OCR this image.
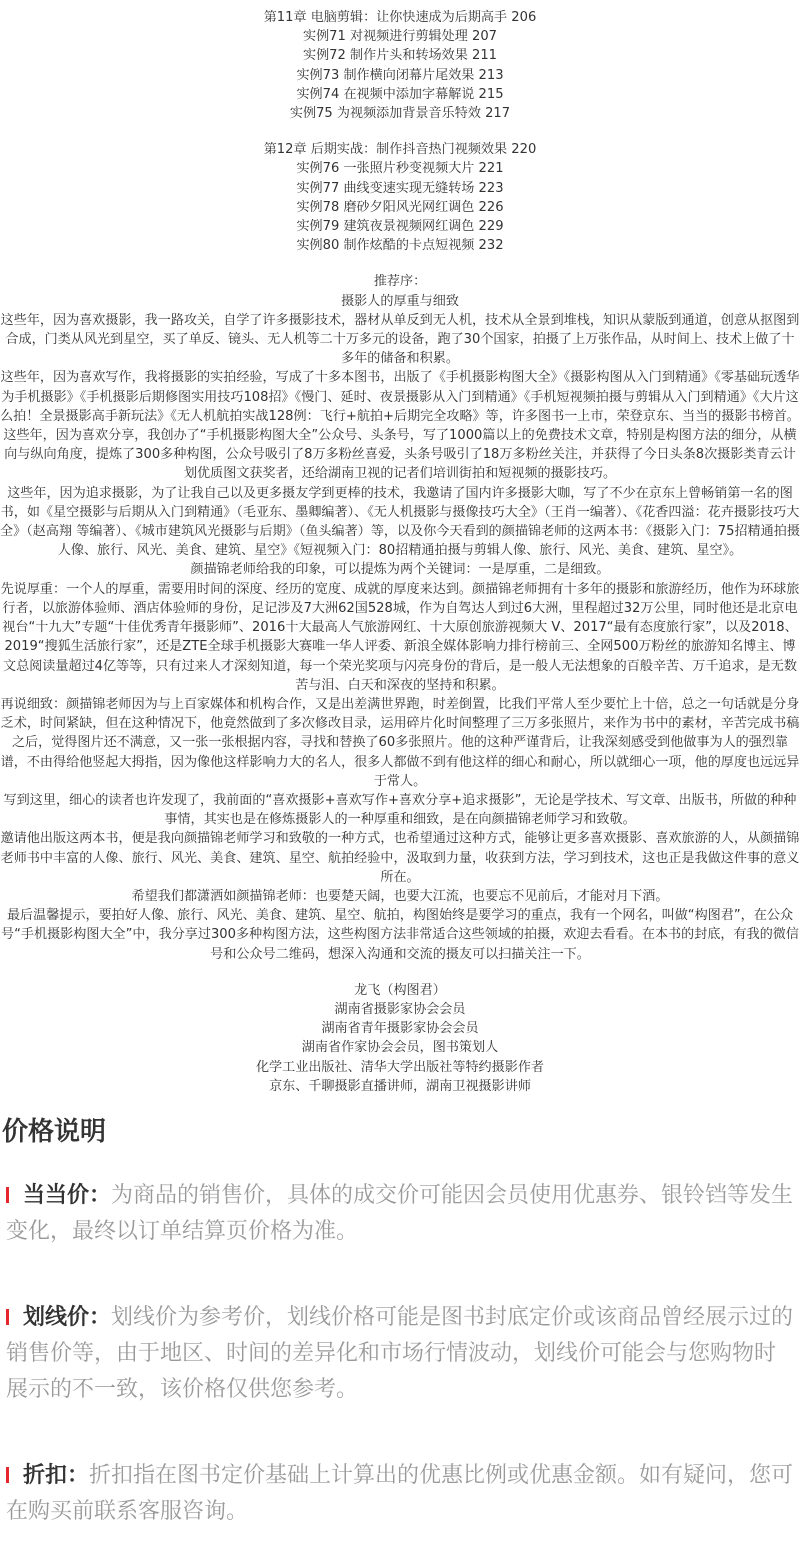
第11章 电脑剪辑：让你快速成为后期高手 206
实例71 对视频进行剪辑处理 207
实例72 制作片头和转场效果 211
实例73 制作横向闭幕片尾效果 213
实例74 在视频中添加字幕解说 215
实例75 为视频添加背景音乐特效 217
第12章 后期实战：制作抖音热门视频效果 220
实例76 一张照片秒变视频大片 221
实例77 曲线变速实现无缝转场 223
实例78 磨砂夕阳风光网红调色 226
实例79 建筑夜景视频网红调色 229
实例80 制作炫酷的卡点短视频 232
推荐序：
摄影人的厚重与细致
这些年，因为喜欢摄影，我一路攻关，自学了许多摄影技术，器材从单反到无人机，技术从全景到堆栈，知识从蒙版到通道，创意从抠图到合成，门类从风光到星空，买了单反、镜头、无人机等二十万多元的设备，跑了30个国家，拍摄了上万张作品，从时间上、技术上做了十多年的储备和积累。
这些年，因为喜欢写作，我将摄影的实拍经验，写成了十多本图书，出版了《手机摄影构图大全》《摄影构图从入门到精通》《零基础玩透华为手机摄影》《手机摄影后期修图实用技巧108招》《慢门、延时、夜景摄影从入门到精通》《手机短视频拍摄与剪辑从入门到精通》《大片这么拍！全景摄影高手新玩法》《无人机航拍实战128例：飞行+航拍+后期完全攻略》等，许多图书一上市，荣登京东、当当的摄影书榜首。
这些年，因为喜欢分享，我创办了“手机摄影构图大全”公众号、头条号，写了1000篇以上的免费技术文章，特别是构图方法的细分，从横向与纵向角度，提炼了300多种构图，公众号吸引了8万多粉丝喜爱，头条号吸引了18万多粉丝关注，并获得了今日头条8次摄影类青云计划优质图文获奖者，还给湖南卫视的记者们培训街拍和短视频的摄影技巧。
这些年，因为追求摄影，为了让我自己以及更多摄友学到更棒的技术，我邀请了国内许多摄影大咖，写了不少在京东上曾畅销第一名的图书，如《星空摄影与后期从入门到精通》（毛亚东、墨卿编著）、《无人机摄影与摄像技巧大全》（王肖一编著）、《花香四溢：花卉摄影技巧大全》（赵高翔 等编著）、《城市建筑风光摄影与后期》（鱼头编著）等，以及你今天看到的颜描锦老师的这两本书：《摄影入门：75招精通拍摄人像、旅行、风光、美食、建筑、星空》《短视频入门：80招精通拍摄与剪辑人像、旅行、风光、美食、建筑、星空》。
颜描锦老师给我的印象，可以提炼为两个关键词：一是厚重，二是细致。
先说厚重：一个人的厚重，需要用时间的深度、经历的宽度、成就的厚度来达到。颜描锦老师拥有十多年的摄影和旅游经历，他作为环球旅行者，以旅游体验师、酒店体验师的身份，足记涉及7大洲62国528城，作为自驾达人到过6大洲，里程超过32万公里，同时他还是北京电视台“十九大”专题“十佳优秀青年摄影师”、2016十大最高人气旅游网红、十大原创旅游视频大 V、2017“最有态度旅行家”，以及2018、2019“搜狐生活旅行家”，还是ZTE全球手机摄影大赛唯一华人评委、新浪全媒体影响力排行榜前三、全网500万粉丝的旅游知名博主、博文总阅读量超过4亿等等，只有过来人才深刻知道，每一个荣光奖项与闪亮身份的背后，是一般人无法想象的百般辛苦、万千追求，是无数苦与泪、白天和深夜的坚持和积累。
再说细致：颜描锦老师因为与上百家媒体和机构合作，又是出差满世界跑，时差倒置，比我们平常人至少要忙上十倍，总之一句话就是分身乏术，时间紧缺，但在这种情况下，他竟然做到了多次修改目录，运用碎片化时间整理了三万多张照片，来作为书中的素材，辛苦完成书稿之后，觉得图片还不满意，又一张一张根据内容，寻找和替换了60多张照片。他的这种严谨背后，让我深刻感受到他做事为人的强烈靠谱，不由得给他竖起大拇指，因为像他这样影响力大的名人，很多人都做不到有他这样的细心和耐心，所以就细心一项，他的厚度也远远异于常人。
写到这里，细心的读者也许发现了，我前面的“喜欢摄影+喜欢写作+喜欢分享+追求摄影”，无论是学技术、写文章、出版书，所做的种种事情，其实也是在修炼摄影人的一种厚重和细致，是在向颜描锦老师学习和致敬。
邀请他出版这两本书，便是我向颜描锦老师学习和致敬的一种方式，也希望通过这种方式，能够让更多喜欢摄影、喜欢旅游的人，从颜描锦老师书中丰富的人像、旅行、风光、美食、建筑、星空、航拍经验中，汲取到力量，收获到方法，学习到技术，这也正是我做这件事的意义所在。
希望我们都潇洒如颜描锦老师：也要楚天阔，也要大江流，也要忘不见前后，才能对月下酒。
最后温馨提示，要拍好人像、旅行、风光、美食、建筑、星空、航拍，构图始终是要学习的重点，我有一个网名，叫做“构图君”，在公众号“手机摄影构图大全”中，我分享过300多种构图方法，这些构图方法非常适合这些领域的拍摄，欢迎去看看。在本书的封底，有我的微信号和公众号二维码，想深入沟通和交流的摄友可以扫描关注一下。
龙飞（构图君）
湖南省摄影家协会会员
湖南省青年摄影家协会会员
湖南省作家协会会员，图书策划人
化学工业出版社、清华大学出版社等特约摄影作者
京东、千聊摄影直播讲师，湖南卫视摄影讲师
价格说明
当当价：为商品的销售价，具体的成交价可能因会员使用优惠券、银铃铛等发生变化，最终以订单结算页价格为准。
划线价：划线价为参考价，划线价格可能是图书封底定价或该商品曾经展示过的销售价等，由于地区、时间的差异化和市场行情波动，划线价可能会与您购物时展示的不一致，该价格仅供您参考。
折扣：折扣指在图书定价基础上计算出的优惠比例或优惠金额。如有疑问，您可在购买前联系客服咨询。
